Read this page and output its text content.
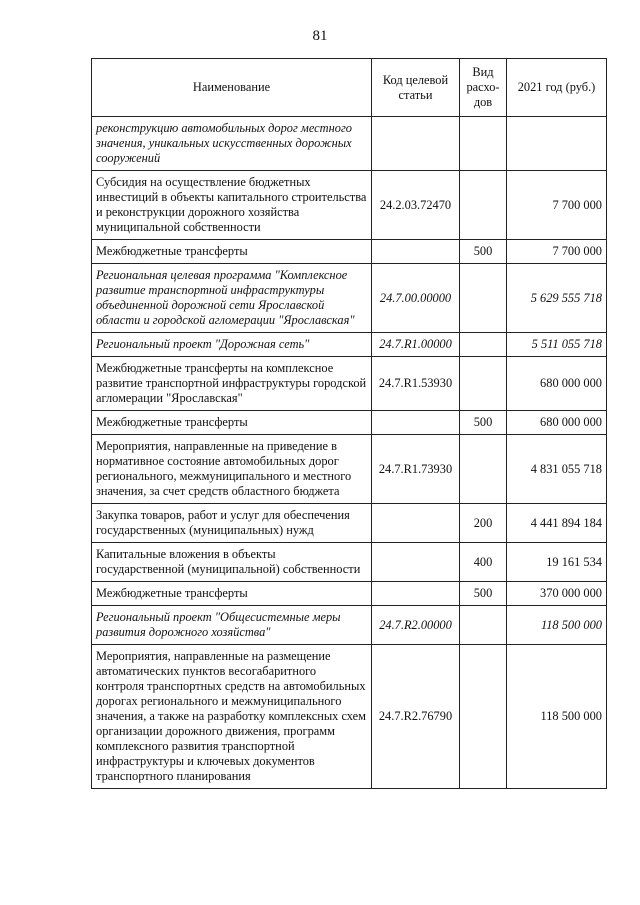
81
Наименование	Код целевой статьи	Вид расхо-дов	2021 год (руб.)
реконструкцию автомобильных дорог местного значения, уникальных искусственных дорожных сооружений			
Субсидия на осуществление бюджетных инвестиций в объекты капитального строительства и реконструкции дорожного хозяйства муниципальной собственности	24.2.03.72470		7 700 000
Межбюджетные трансферты		500	7 700 000
Региональная целевая программа "Комплексное развитие транспортной инфраструктуры объединенной дорожной сети Ярославской области и городской агломерации "Ярославская"	24.7.00.00000		5 629 555 718
Региональный проект "Дорожная сеть"	24.7.R1.00000		5 511 055 718
Межбюджетные трансферты на комплексное развитие транспортной инфраструктуры городской агломерации "Ярославская"	24.7.R1.53930		680 000 000
Межбюджетные трансферты		500	680 000 000
Мероприятия, направленные на приведение в нормативное состояние автомобильных дорог регионального, межмуниципального и местного значения, за счет средств областного бюджета	24.7.R1.73930		4 831 055 718
Закупка товаров, работ и услуг для обеспечения государственных (муниципальных) нужд		200	4 441 894 184
Капитальные вложения в объекты государственной (муниципальной) собственности		400	19 161 534
Межбюджетные трансферты		500	370 000 000
Региональный проект "Общесистемные меры развития дорожного хозяйства"	24.7.R2.00000		118 500 000
Мероприятия, направленные на размещение автоматических пунктов весогабаритного контроля транспортных средств на автомобильных дорогах регионального и межмуниципального значения, а также на разработку комплексных схем организации дорожного движения, программ комплексного развития транспортной инфраструктуры и ключевых документов транспортного планирования	24.7.R2.76790		118 500 000
